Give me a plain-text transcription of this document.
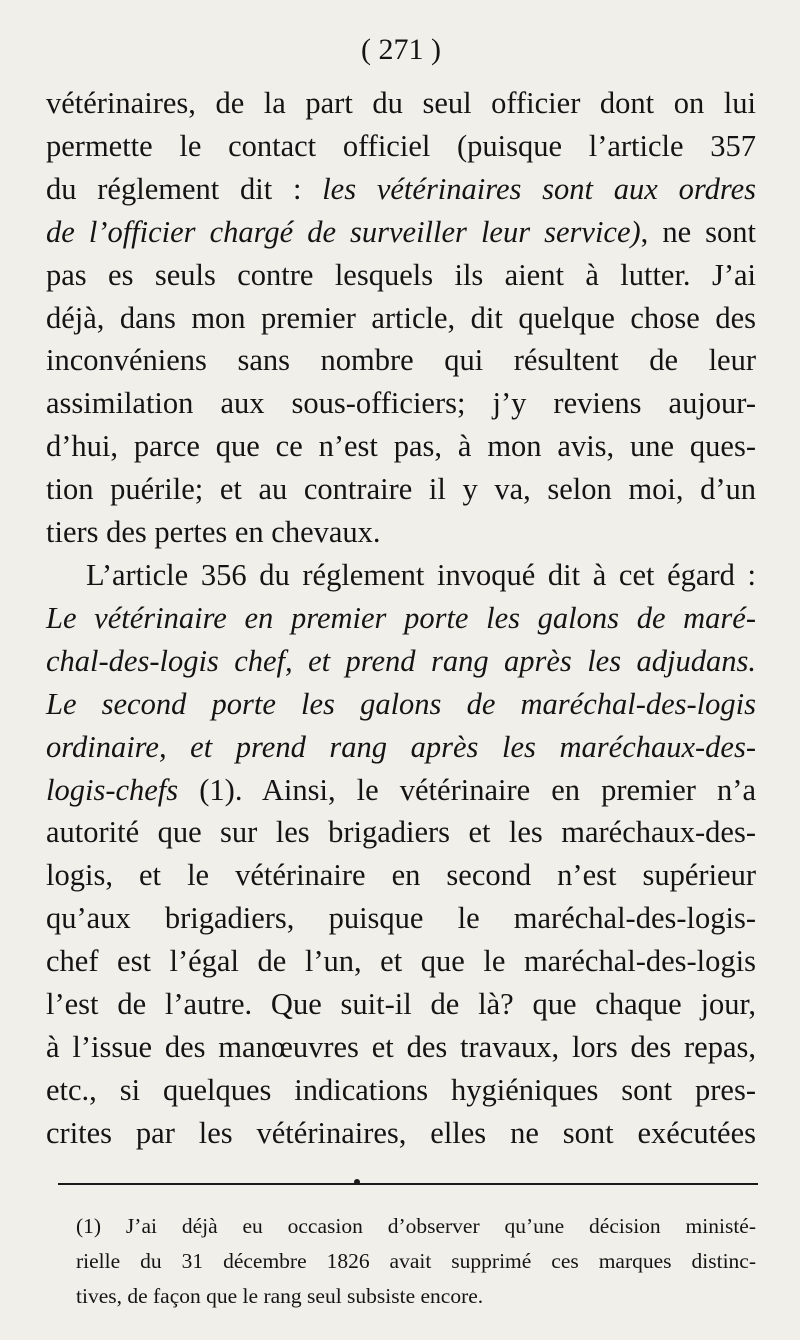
( 271 )
vétérinaires, de la part du seul officier dont on lui
permette le contact officiel (puisque l’article 357
du réglement dit : les vétérinaires sont aux ordres
de l’officier chargé de surveiller leur service), ne sont
pas es seuls contre lesquels ils aient à lutter. J’ai
déjà, dans mon premier article, dit quelque chose des
inconvéniens sans nombre qui résultent de leur
assimilation aux sous-officiers; j’y reviens aujour-
d’hui, parce que ce n’est pas, à mon avis, une ques-
tion puérile; et au contraire il y va, selon moi, d’un
tiers des pertes en chevaux.
L’article 356 du réglement invoqué dit à cet égard :
Le vétérinaire en premier porte les galons de maré-
chal-des-logis chef, et prend rang après les adjudans.
Le second porte les galons de maréchal-des-logis
ordinaire, et prend rang après les maréchaux-des-
logis-chefs (1). Ainsi, le vétérinaire en premier n’a
autorité que sur les brigadiers et les maréchaux-des-
logis, et le vétérinaire en second n’est supérieur
qu’aux brigadiers, puisque le maréchal-des-logis-
chef est l’égal de l’un, et que le maréchal-des-logis
l’est de l’autre. Que suit-il de là? que chaque jour,
à l’issue des manœuvres et des travaux, lors des repas,
etc., si quelques indications hygiéniques sont pres-
crites par les vétérinaires, elles ne sont exécutées
(1) J’ai déjà eu occasion d’observer qu’une décision ministé-
rielle du 31 décembre 1826 avait supprimé ces marques distinc-
tives, de façon que le rang seul subsiste encore.
